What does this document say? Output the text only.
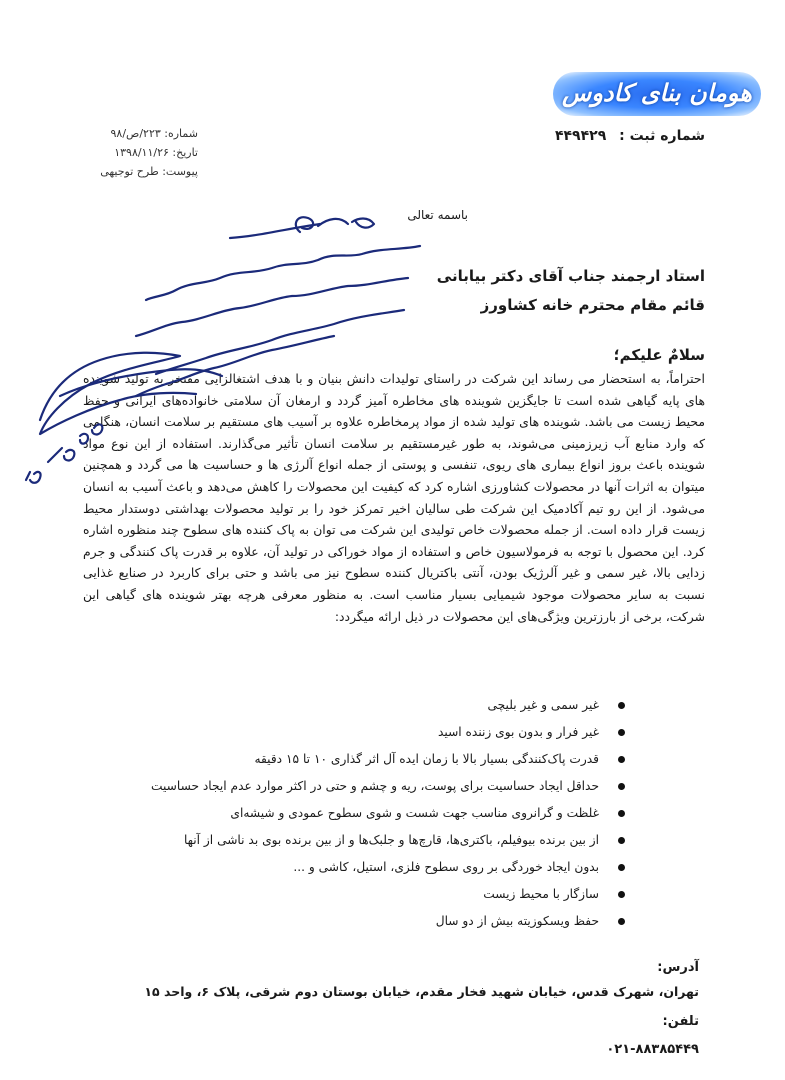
هومان بنای کادوس
شماره ثبت : ۴۴۹۴۲۹
شماره: ۲۲۳/ص/۹۸
تاریخ: ۱۳۹۸/۱۱/۲۶
پیوست: طرح توجیهی
باسمه تعالی
استاد ارجمند جناب آقای دکتر بیابانی
قائم مقام محترم خانه کشاورز
سلامٌ علیکم؛
احتراماً، به استحضار می رساند این شرکت در راستای تولیدات دانش بنیان و با هدف اشتغالزایی مفتخر به تولید شوینده های پایه گیاهی شده است تا جایگزین شوینده های مخاطره آمیز گردد و ارمغان آن سلامتی خانواده‌های ایرانی و حفظ محیط زیست می باشد. شوینده های تولید شده از مواد پرمخاطره علاوه بر آسیب های مستقیم بر سلامت انسان، هنگامی که وارد منابع آب زیرزمینی می‌شوند، به طور غیرمستقیم بر سلامت انسان تأثیر می‌گذارند. استفاده از این نوع مواد شوینده باعث بروز انواع بیماری های ریوی، تنفسی و پوستی از جمله انواع آلرژی ها و حساسیت ها می گردد و همچنین میتوان به اثرات آنها در محصولات کشاورزی اشاره کرد که کیفیت این محصولات را کاهش می‌دهد و باعث آسیب به انسان می‌شود. از این رو تیم آکادمیک این شرکت طی سالیان اخیر تمرکز خود را بر تولید محصولات بهداشتی دوستدار محیط زیست قرار داده است. از جمله محصولات خاص تولیدی این شرکت می توان به پاک کننده های سطوح چند منظوره اشاره کرد. این محصول با توجه به فرمولاسیون خاص و استفاده از مواد خوراکی در تولید آن، علاوه بر قدرت پاک کنندگی و جرم زدایی بالا، غیر سمی و غیر آلرژیک بودن، آنتی باکتریال کننده سطوح نیز می باشد و حتی برای کاربرد در صنایع غذایی نسبت به سایر محصولات موجود شیمیایی بسیار مناسب است. به منظور معرفی هرچه بهتر شوینده های گیاهی این شرکت، برخی از بارزترین ویژگی‌های این محصولات در ذیل ارائه میگردد:
غیر سمی و غیر بلیچی
غیر فرار و بدون بوی زننده اسید
قدرت پاک‌کنندگی بسیار بالا با زمان ایده آل اثر گذاری ۱۰ تا ۱۵ دقیقه
حداقل ایجاد حساسیت برای پوست، ریه و چشم و حتی در اکثر موارد عدم ایجاد حساسیت
غلظت و گرانروی مناسب جهت شست و شوی سطوح عمودی و شیشه‌ای
از بین برنده بیوفیلم، باکتری‌ها، قارچ‌ها و جلبک‌ها و از بین برنده بوی بد ناشی از آنها
بدون ایجاد خوردگی بر روی سطوح فلزی، استیل، کاشی و ...
سازگار با محیط زیست
حفظ ویسکوزیته بیش از دو سال
آدرس:
تهران، شهرک قدس، خیابان شهید فخار مقدم، خیابان بوستان دوم شرقی، پلاک ۶، واحد ۱۵
تلفن:
۰۲۱-۸۸۳۸۵۴۴۹
